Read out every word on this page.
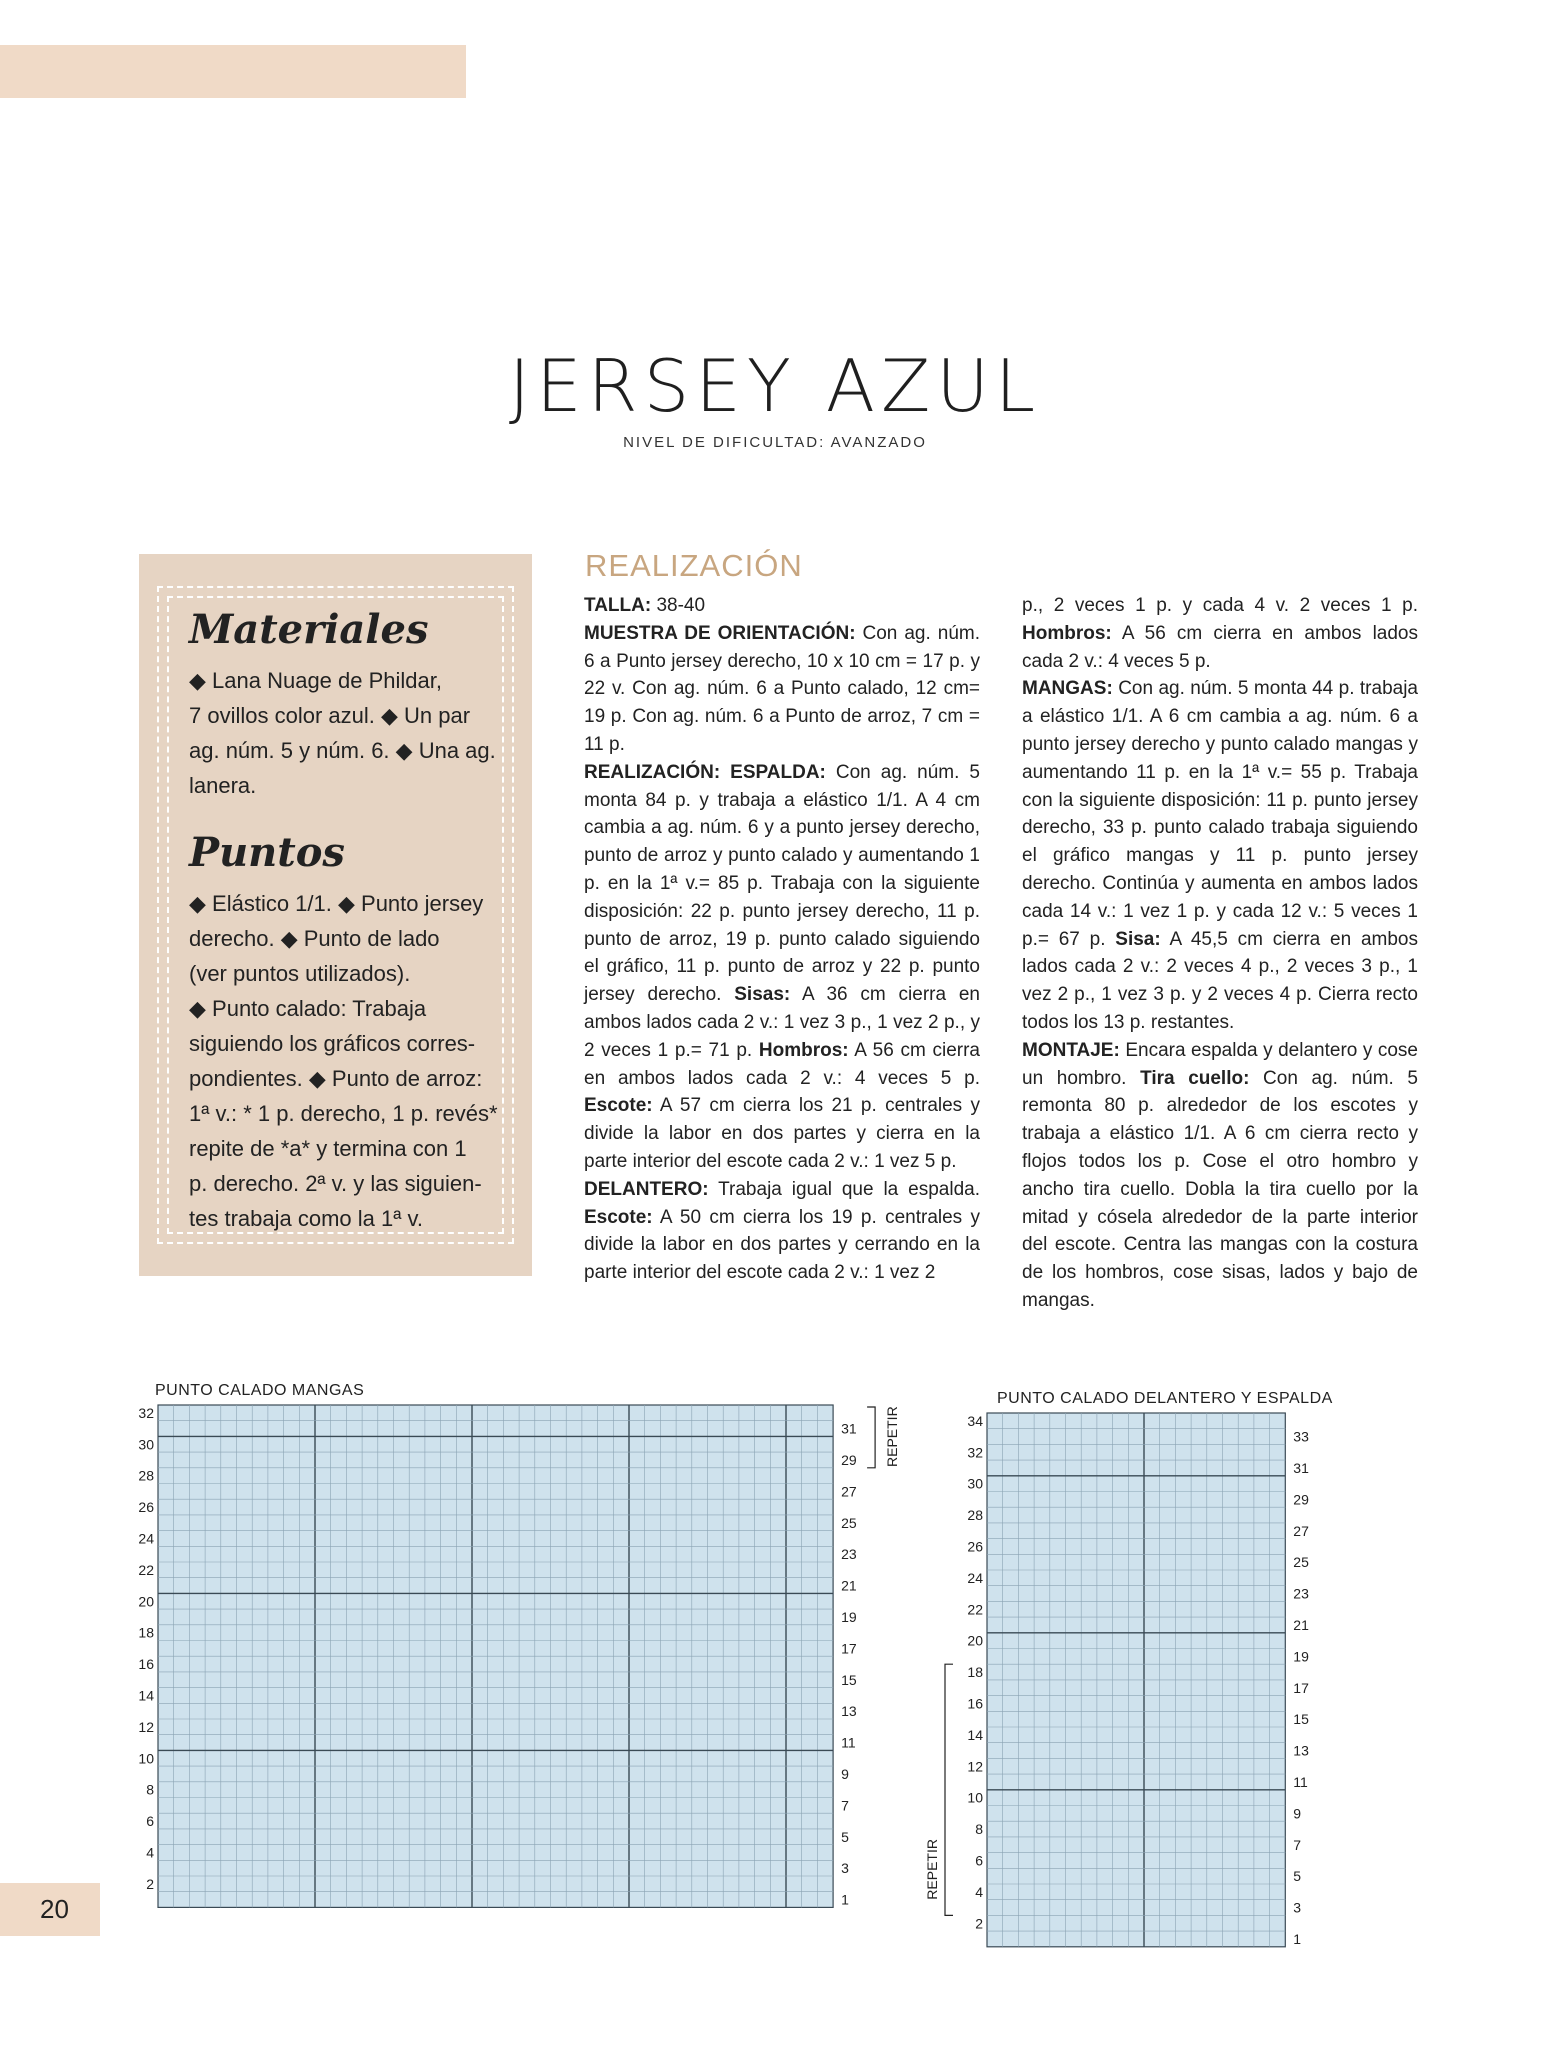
JERSEY AZUL
NIVEL DE DIFICULTAD: AVANZADO
Materiales

◆ Lana Nuage de Phildar,

7 ovillos color azul. ◆ Un par

ag. núm. 5 y núm. 6. ◆ Una ag.

lanera.

Puntos

◆ Elástico 1/1. ◆ Punto jersey

derecho. ◆ Punto de lado

(ver puntos utilizados).

◆ Punto calado: Trabaja

siguiendo los gráficos corres-

pondientes. ◆ Punto de arroz:

1ª v.: * 1 p. derecho, 1 p. revés*

repite de *a* y termina con 1

p. derecho. 2ª v. y las siguien-

tes trabaja como la 1ª v.

REALIZACIÓN
TALLA: 38-40
MUESTRA DE ORIENTACIÓN: Con ag. núm. 6 a Punto jersey derecho, 10 x 10 cm = 17 p. y 22 v. Con ag. núm. 6 a Punto calado, 12 cm= 19 p. Con ag. núm. 6 a Punto de arroz, 7 cm = 11 p.
REALIZACIÓN: ESPALDA: Con ag. núm. 5 monta 84 p. y trabaja a elástico 1/1. A 4 cm cambia a ag. núm. 6 y a punto jersey derecho, punto de arroz y punto calado y aumentando 1 p. en la 1ª v.= 85 p. Trabaja con la siguiente disposición: 22 p. punto jersey derecho, 11 p. punto de arroz, 19 p. punto calado siguiendo el gráfico, 11 p. punto de arroz y 22 p. punto jersey derecho. Sisas: A 36 cm cierra en ambos lados cada 2 v.: 1 vez 3 p., 1 vez 2 p., y 2 veces 1 p.= 71 p. Hombros: A 56 cm cierra en ambos lados cada 2 v.: 4 veces 5 p. Escote: A 57 cm cierra los 21 p. centrales y divide la labor en dos partes y cierra en la parte interior del escote cada 2 v.: 1 vez 5 p.
DELANTERO: Trabaja igual que la espalda. Escote: A 50 cm cierra los 19 p. centrales y divide la labor en dos partes y cerrando en la parte interior del escote cada 2 v.: 1 vez 2
p., 2 veces 1 p. y cada 4 v. 2 veces 1 p. Hombros: A 56 cm cierra en ambos lados cada 2 v.: 4 veces 5 p.
MANGAS: Con ag. núm. 5 monta 44 p. trabaja a elástico 1/1. A 6 cm cambia a ag. núm. 6 a punto jersey derecho y punto calado mangas y aumentando 11 p. en la 1ª v.= 55 p. Trabaja con la siguiente disposición: 11 p. punto jersey derecho, 33 p. punto calado trabaja siguiendo el gráfico mangas y 11 p. punto jersey derecho. Continúa y aumenta en ambos lados cada 14 v.: 1 vez 1 p. y cada 12 v.: 5 veces 1 p.= 67 p. Sisa: A 45,5 cm cierra en ambos lados cada 2 v.: 2 veces 4 p., 2 veces 3 p., 1 vez 2 p., 1 vez 3 p. y 2 veces 4 p. Cierra recto todos los 13 p. restantes.
MONTAJE: Encara espalda y delantero y cose un hombro. Tira cuello: Con ag. núm. 5 remonta 80 p. alrededor de los escotes y trabaja a elástico 1/1. A 6 cm cierra recto y flojos todos los p. Cose el otro hombro y ancho tira cuello. Dobla la tira cuello por la mitad y cósela alrededor de la parte interior del escote. Centra las mangas con la costura de los hombros, cose sisas, lados y bajo de mangas.
PUNTO CALADO MANGAS	PUNTO CALADO DELANTERO Y ESPALDA
32
30
28
26
24
22
20
18
16
14
12
10
8
6
4
2
31
29
27
25
23
21
19
17
15
13
11
9
7
5
3
1
REPETIR	34
32
30
28
26
24
22
20
18
16
14
12
10
8
6
4
2
33
31
29
27
25
23
21
19
17
15
13
11
9
7
5
3
1
REPETIR
20
